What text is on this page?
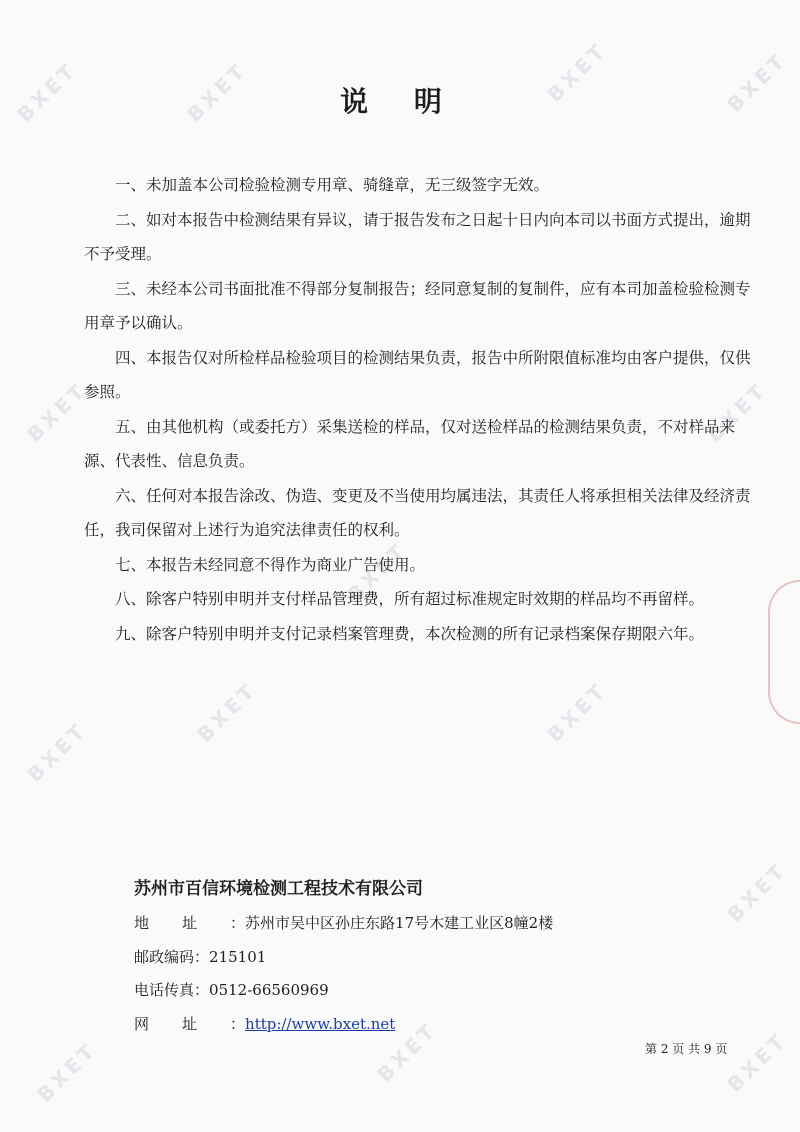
BXET	BXET	BXET	BXET
BXET	BXET
BXET
BXET
BXET	BXET
BXET
BXET	BXET	BXET
说 明

一、未加盖本公司检验检测专用章、骑缝章，无三级签字无效。

二、如对本报告中检测结果有异议，请于报告发布之日起十日内向本司以书面方式提出，逾期不予受理。

三、未经本公司书面批准不得部分复制报告；经同意复制的复制件，应有本司加盖检验检测专用章予以确认。

四、本报告仅对所检样品检验项目的检测结果负责，报告中所附限值标准均由客户提供，仅供参照。

五、由其他机构（或委托方）采集送检的样品，仅对送检样品的检测结果负责，不对样品来源、代表性、信息负责。

六、任何对本报告涂改、伪造、变更及不当使用均属违法，其责任人将承担相关法律及经济责任，我司保留对上述行为追究法律责任的权利。

七、本报告未经同意不得作为商业广告使用。

八、除客户特别申明并支付样品管理费，所有超过标准规定时效期的样品均不再留样。

九、除客户特别申明并支付记录档案管理费，本次检测的所有记录档案保存期限六年。

苏州市百信环境检测工程技术有限公司
地址：苏州市吴中区孙庄东路17号木建工业区8幢2楼
邮政编码：215101
电话传真：0512-66560969
网址：http://www.bxet.net
第 2 页 共 9 页
